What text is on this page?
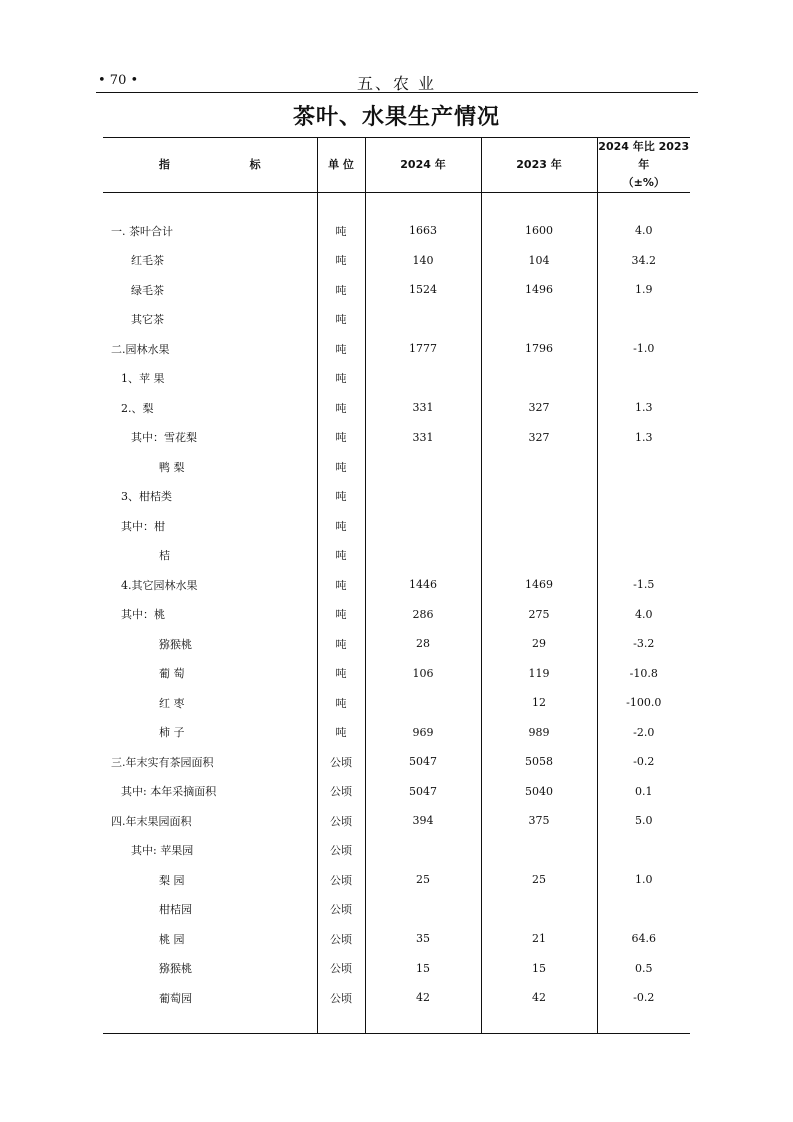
• 70 •	五、农 业
茶叶、水果生产情况
指 标	单 位	2024 年	2023 年	2024 年比 2023 年
（±%）

一. 茶叶合计	吨	1663	1600	4.0
红毛茶	吨	140	104	34.2
绿毛茶	吨	1524	1496	1.9
其它茶	吨			
二.园林水果	吨	1777	1796	-1.0
1、苹 果	吨			
2.、梨	吨	331	327	1.3
其中：雪花梨	吨	331	327	1.3
鸭 梨	吨			
3、柑桔类	吨			
其中：柑	吨			
桔	吨			
4.其它园林水果	吨	1446	1469	-1.5
其中：桃	吨	286	275	4.0
猕猴桃	吨	28	29	-3.2
葡 萄	吨	106	119	-10.8
红 枣	吨		12	-100.0
柿 子	吨	969	989	-2.0
三.年末实有茶园面积	公顷	5047	5058	-0.2
其中: 本年采摘面积	公顷	5047	5040	0.1
四.年末果园面积	公顷	394	375	5.0
其中: 苹果园	公顷			
梨 园	公顷	25	25	1.0
柑桔园	公顷			
桃 园	公顷	35	21	64.6
猕猴桃	公顷	15	15	0.5
葡萄园	公顷	42	42	-0.2
